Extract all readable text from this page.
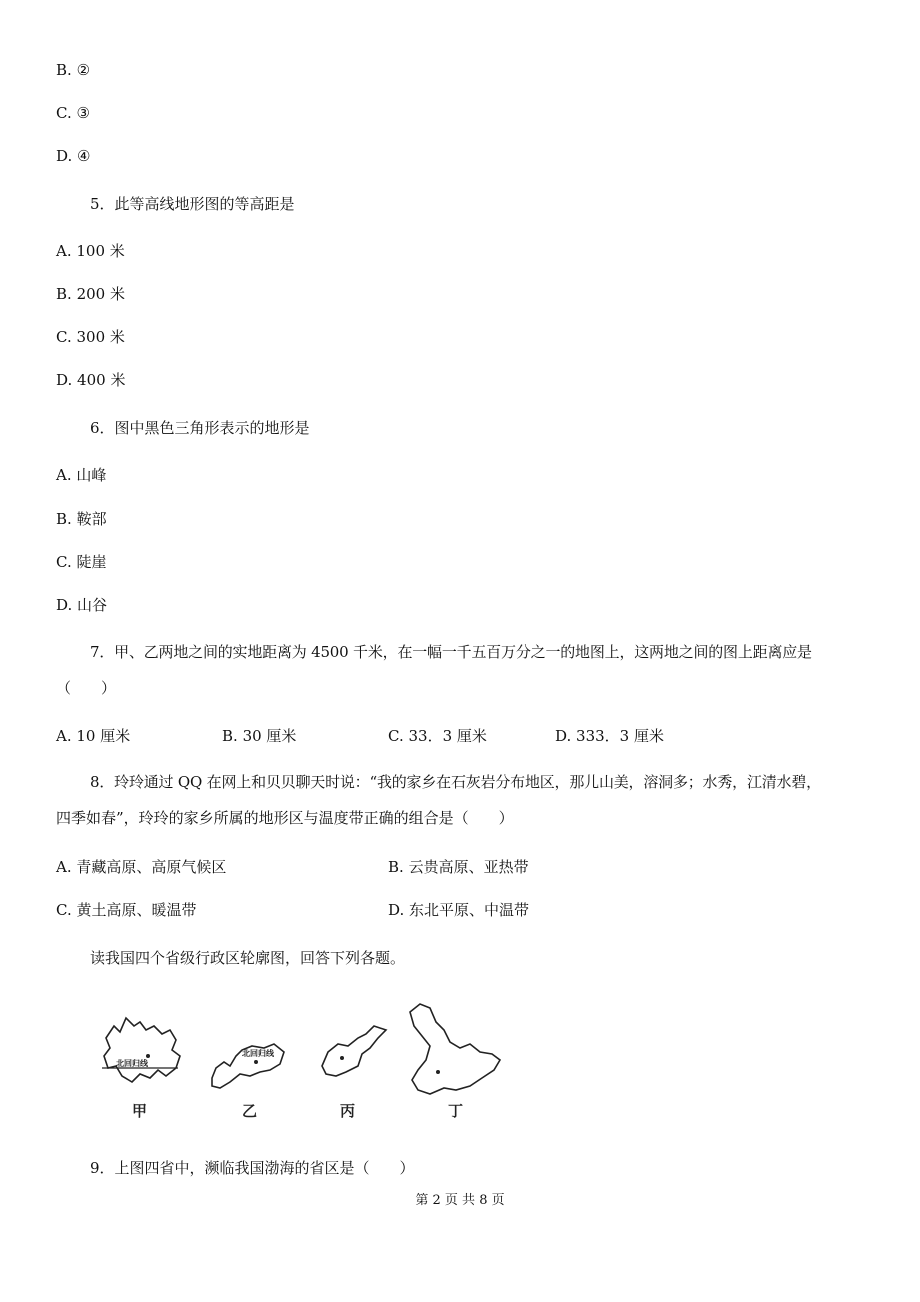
B. ②
C. ③
D. ④
5．此等高线地形图的等高距是
A. 100 米
B. 200 米
C. 300 米
D. 400 米
6．图中黑色三角形表示的地形是
A. 山峰
B. 鞍部
C. 陡崖
D. 山谷
7．甲、乙两地之间的实地距离为 4500 千米，在一幅一千五百万分之一的地图上，这两地之间的图上距离应是
（　　）
A. 10 厘米	B. 30 厘米	C. 33．3 厘米	D. 333．3 厘米
8．玲玲通过 QQ 在网上和贝贝聊天时说：“我的家乡在石灰岩分布地区，那儿山美，溶洞多；水秀，江清水碧，
四季如春”，玲玲的家乡所属的地形区与温度带正确的组合是（　　）
A. 青藏高原、高原气候区	B. 云贵高原、亚热带
C. 黄土高原、暖温带	D. 东北平原、中温带
读我国四个省级行政区轮廓图，回答下列各题。
北回归线
甲
北回归线
乙	丙	丁
9．上图四省中，濒临我国渤海的省区是（　　）
第 2 页 共 8 页
